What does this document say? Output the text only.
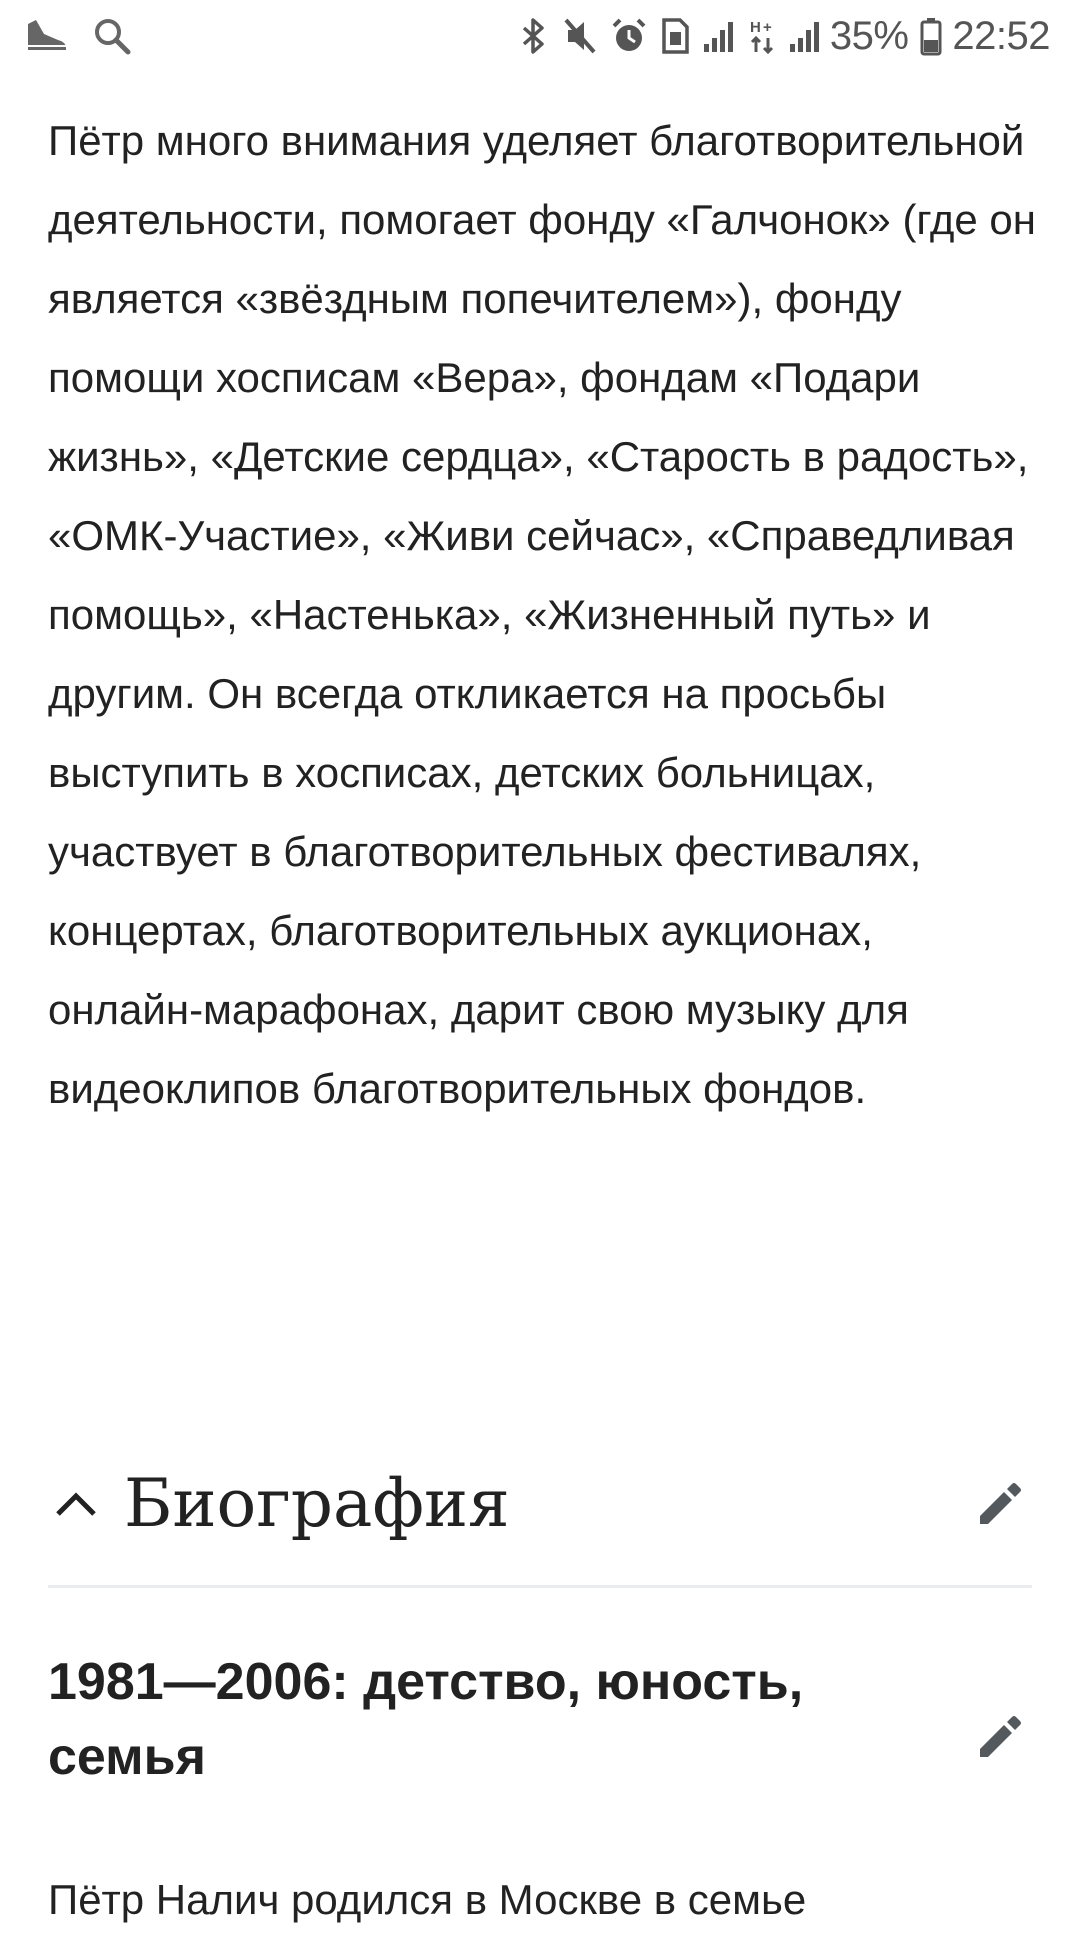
H + 35% 22:52

Пётр много внимания уделяет благотворительной деятельности, помогает фонду «Галчонок» (где он является «звёздным попечителем»), фонду помощи хосписам «Вера», фондам «Подари жизнь», «Детские сердца», «Старость в радость», «ОМК-Участие», «Живи сейчас», «Справедливая помощь», «Настенька», «Жизненный путь» и другим. Он всегда откликается на просьбы выступить в хосписах, детских больницах, участвует в благотворительных фестивалях, концертах, благотворительных аукционах, онлайн-марафонах, дарит свою музыку для видеоклипов благотворительных фондов.

Биография
1981—2006: детство, юность, семья
Пётр Налич родился в Москве в семье
